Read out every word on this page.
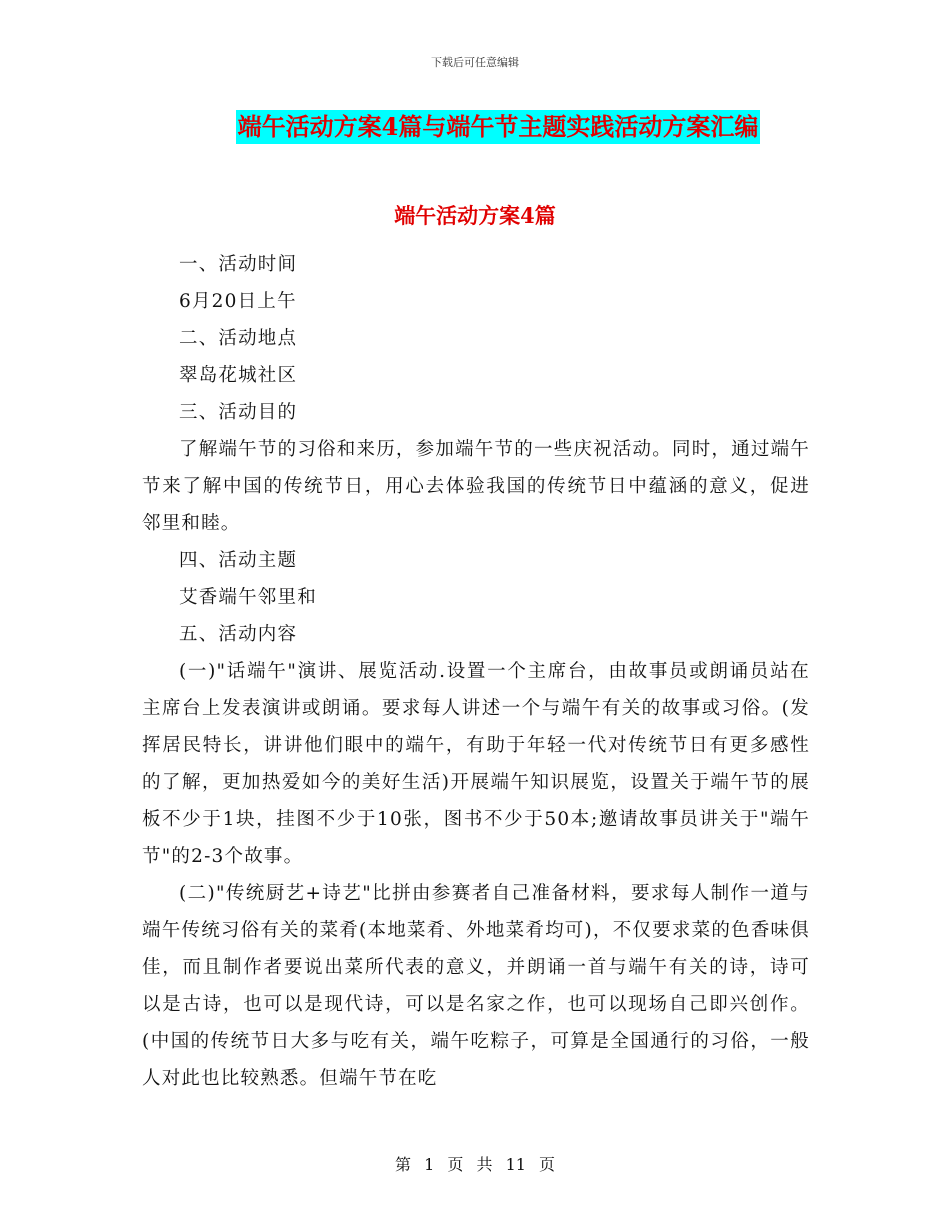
下载后可任意编辑
端午活动方案4篇与端午节主题实践活动方案汇编
端午活动方案4篇

一、活动时间

6月20日上午

二、活动地点

翠岛花城社区

三、活动目的

了解端午节的习俗和来历，参加端午节的一些庆祝活动。同时，通过端午节来了解中国的传统节日，用心去体验我国的传统节日中蕴涵的意义，促进邻里和睦。

四、活动主题

艾香端午邻里和

五、活动内容

(一)"话端午"演讲、展览活动.设置一个主席台，由故事员或朗诵员站在主席台上发表演讲或朗诵。要求每人讲述一个与端午有关的故事或习俗。(发挥居民特长，讲讲他们眼中的端午，有助于年轻一代对传统节日有更多感性的了解，更加热爱如今的美好生活)开展端午知识展览，设置关于端午节的展板不少于1块，挂图不少于10张，图书不少于50本;邀请故事员讲关于"端午节"的2-3个故事。

(二)"传统厨艺+诗艺"比拼由参赛者自己准备材料，要求每人制作一道与端午传统习俗有关的菜肴(本地菜肴、外地菜肴均可)，不仅要求菜的色香味俱佳，而且制作者要说出菜所代表的意义，并朗诵一首与端午有关的诗，诗可以是古诗，也可以是现代诗，可以是名家之作，也可以现场自己即兴创作。(中国的传统节日大多与吃有关，端午吃粽子，可算是全国通行的习俗，一般人对此也比较熟悉。但端午节在吃

第 1 页 共 11 页
